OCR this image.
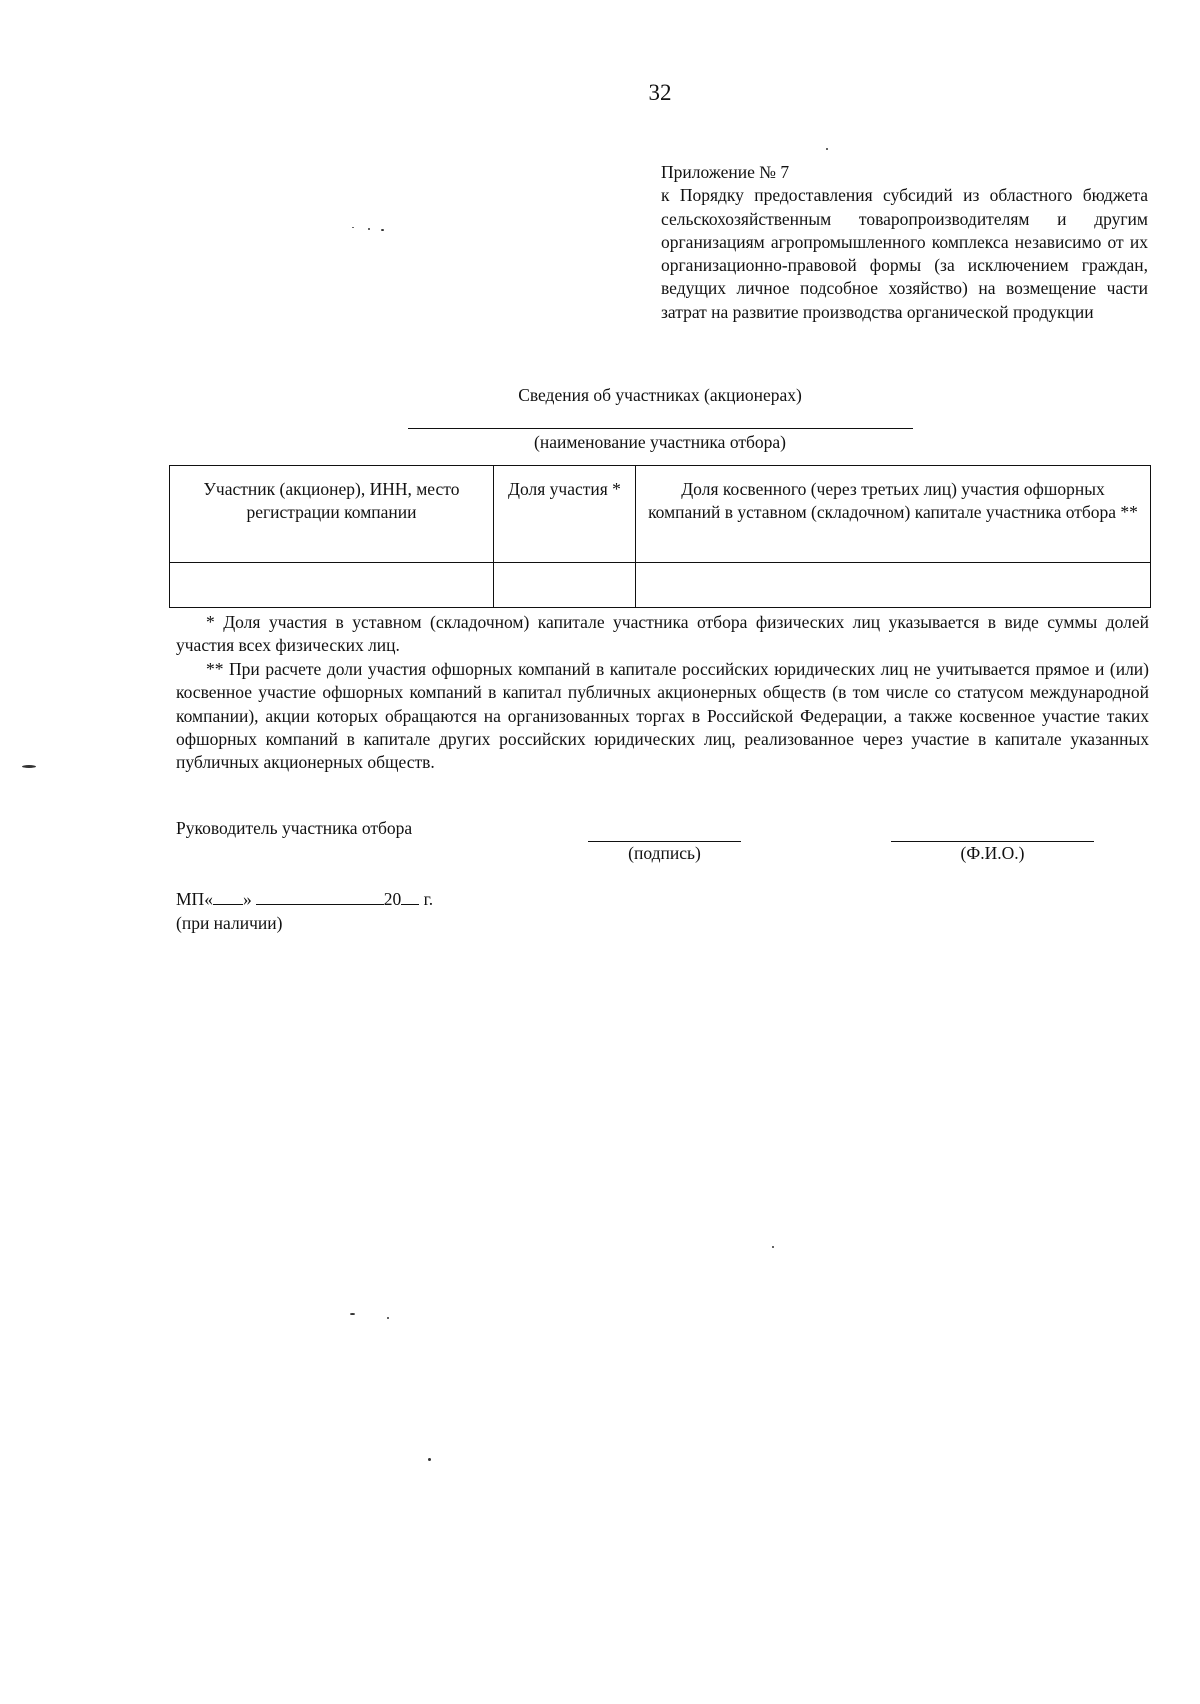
32

Приложение № 7

к Порядку предоставления субсидий из областного бюджета сельскохозяйственным товаропроизводителям и другим организациям агропромышленного комплекса независимо от их организационно-правовой формы (за исключением граждан, ведущих личное подсобное хозяйство) на возмещение части затрат на развитие производства органической продукции

Сведения об участниках (акционерах)
(наименование участника отбора)
Участник (акционер), ИНН, место регистрации компании	Доля участия *	Доля косвенного (через третьих лиц) участия офшорных компаний в уставном (складочном) капитале участника отбора **

* Доля участия в уставном (складочном) капитале участника отбора физических лиц указывается в виде суммы долей участия всех физических лиц.

** При расчете доли участия офшорных компаний в капитале российских юридических лиц не учитывается прямое и (или) косвенное участие офшорных компаний в капитал публичных акционерных обществ (в том числе со статусом международной компании), акции которых обращаются на организованных торгах в Российской Федерации, а также косвенное участие таких офшорных компаний в капитале других российских юридических лиц, реализованное через участие в капитале указанных публичных акционерных обществ.

Руководитель участника отбора
(подпись)	(Ф.И.О.)
МП« »	20 г.
(при наличии)
